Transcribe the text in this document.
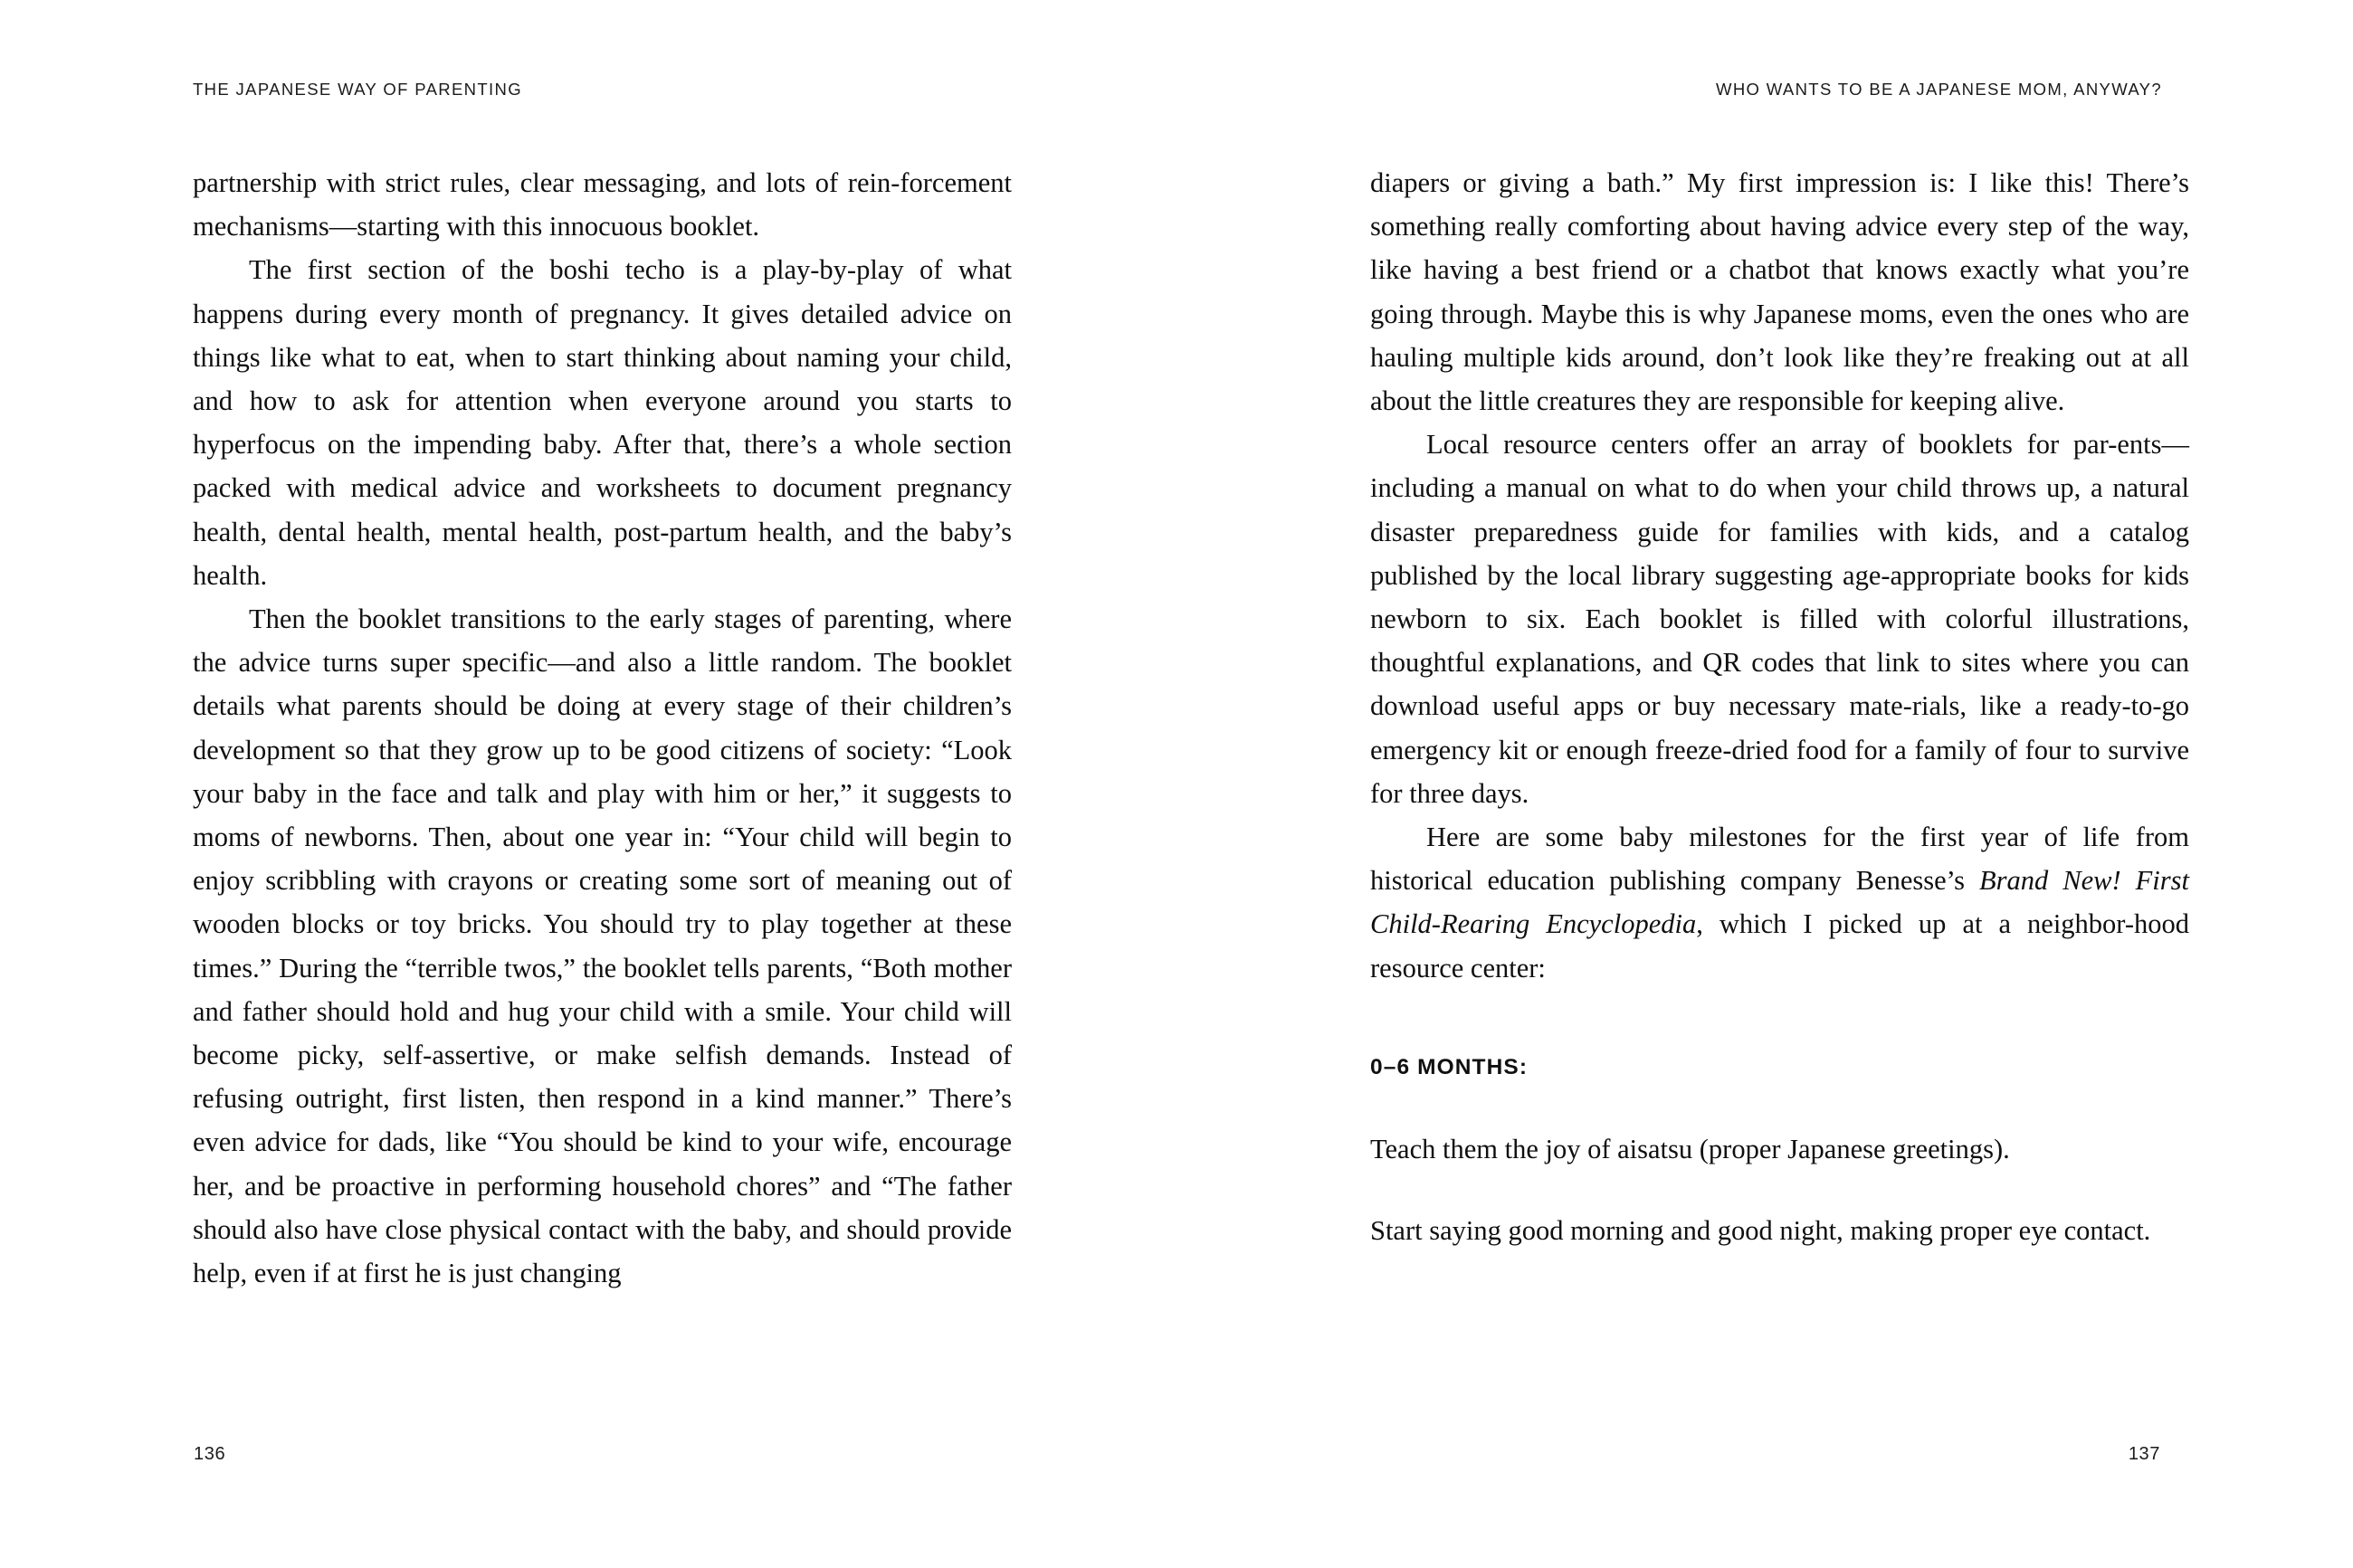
THE JAPANESE WAY OF PARENTING

partnership with strict rules, clear messaging, and lots of rein-forcement mechanisms—starting with this innocuous booklet.

The first section of the boshi techo is a play-by-play of what happens during every month of pregnancy. It gives detailed advice on things like what to eat, when to start thinking about naming your child, and how to ask for attention when everyone around you starts to hyperfocus on the impending baby. After that, there’s a whole section packed with medical advice and worksheets to document pregnancy health, dental health, mental health, post-partum health, and the baby’s health.

Then the booklet transitions to the early stages of parenting, where the advice turns super specific—and also a little random. The booklet details what parents should be doing at every stage of their children’s development so that they grow up to be good citizens of society: “Look your baby in the face and talk and play with him or her,” it suggests to moms of newborns. Then, about one year in: “Your child will begin to enjoy scribbling with crayons or creating some sort of meaning out of wooden blocks or toy bricks. You should try to play together at these times.” During the “terrible twos,” the booklet tells parents, “Both mother and father should hold and hug your child with a smile. Your child will become picky, self-assertive, or make selfish demands. Instead of refusing outright, first listen, then respond in a kind manner.” There’s even advice for dads, like “You should be kind to your wife, encourage her, and be proactive in performing household chores” and “The father should also have close physical contact with the baby, and should provide help, even if at first he is just changing

136
WHO WANTS TO BE A JAPANESE MOM, ANYWAY?

diapers or giving a bath.” My first impression is: I like this! There’s something really comforting about having advice every step of the way, like having a best friend or a chatbot that knows exactly what you’re going through. Maybe this is why Japanese moms, even the ones who are hauling multiple kids around, don’t look like they’re freaking out at all about the little creatures they are responsible for keeping alive.

Local resource centers offer an array of booklets for par-ents—including a manual on what to do when your child throws up, a natural disaster preparedness guide for families with kids, and a catalog published by the local library suggesting age-appropriate books for kids newborn to six. Each booklet is filled with colorful illustrations, thoughtful explanations, and QR codes that link to sites where you can download useful apps or buy necessary mate-rials, like a ready-to-go emergency kit or enough freeze-dried food for a family of four to survive for three days.

Here are some baby milestones for the first year of life from historical education publishing company Benesse’s Brand New! First Child-Rearing Encyclopedia, which I picked up at a neighbor-hood resource center:

0–6 MONTHS:

Teach them the joy of aisatsu (proper Japanese greetings).

Start saying good morning and good night, making proper eye contact.

137
